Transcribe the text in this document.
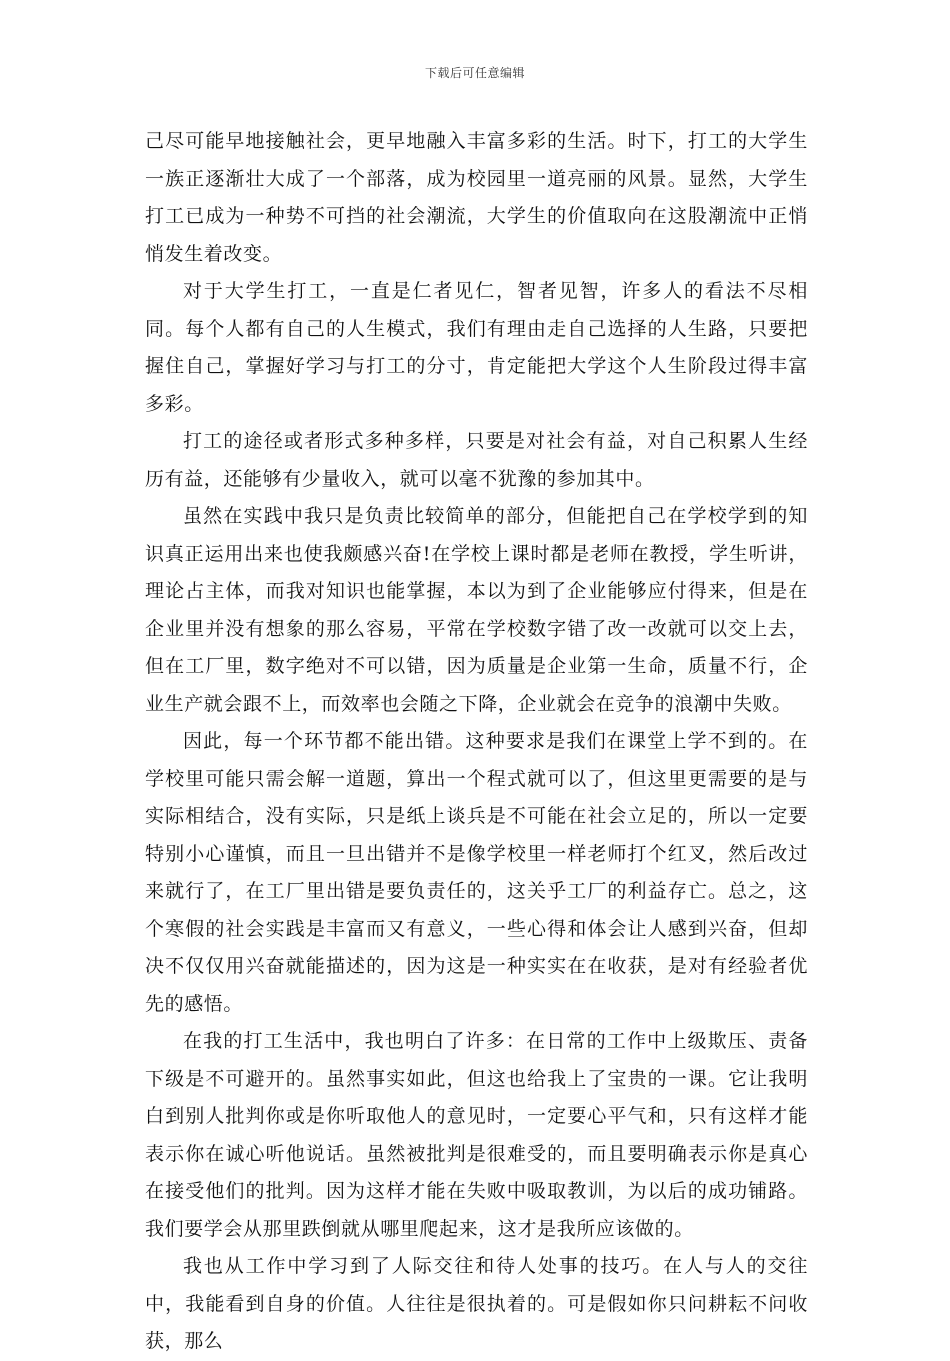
下载后可任意编辑

己尽可能早地接触社会，更早地融入丰富多彩的生活。时下，打工的大学生一族正逐渐壮大成了一个部落，成为校园里一道亮丽的风景。显然，大学生打工已成为一种势不可挡的社会潮流，大学生的价值取向在这股潮流中正悄悄发生着改变。

对于大学生打工，一直是仁者见仁，智者见智，许多人的看法不尽相同。每个人都有自己的人生模式，我们有理由走自己选择的人生路，只要把握住自己，掌握好学习与打工的分寸，肯定能把大学这个人生阶段过得丰富多彩。

打工的途径或者形式多种多样，只要是对社会有益，对自己积累人生经历有益，还能够有少量收入，就可以毫不犹豫的参加其中。

虽然在实践中我只是负责比较简单的部分，但能把自己在学校学到的知识真正运用出来也使我颇感兴奋!在学校上课时都是老师在教授，学生听讲，理论占主体，而我对知识也能掌握，本以为到了企业能够应付得来，但是在企业里并没有想象的那么容易，平常在学校数字错了改一改就可以交上去，但在工厂里，数字绝对不可以错，因为质量是企业第一生命，质量不行，企业生产就会跟不上，而效率也会随之下降，企业就会在竞争的浪潮中失败。

因此，每一个环节都不能出错。这种要求是我们在课堂上学不到的。在学校里可能只需会解一道题，算出一个程式就可以了，但这里更需要的是与实际相结合，没有实际，只是纸上谈兵是不可能在社会立足的，所以一定要特别小心谨慎，而且一旦出错并不是像学校里一样老师打个红叉，然后改过来就行了，在工厂里出错是要负责任的，这关乎工厂的利益存亡。总之，这个寒假的社会实践是丰富而又有意义，一些心得和体会让人感到兴奋，但却决不仅仅用兴奋就能描述的，因为这是一种实实在在收获，是对有经验者优先的感悟。

在我的打工生活中，我也明白了许多：在日常的工作中上级欺压、责备下级是不可避开的。虽然事实如此，但这也给我上了宝贵的一课。它让我明白到别人批判你或是你听取他人的意见时，一定要心平气和，只有这样才能表示你在诚心听他说话。虽然被批判是很难受的，而且要明确表示你是真心在接受他们的批判。因为这样才能在失败中吸取教训，为以后的成功铺路。我们要学会从那里跌倒就从哪里爬起来，这才是我所应该做的。

我也从工作中学习到了人际交往和待人处事的技巧。在人与人的交往中，我能看到自身的价值。人往往是很执着的。可是假如你只问耕耘不问收获，那么
